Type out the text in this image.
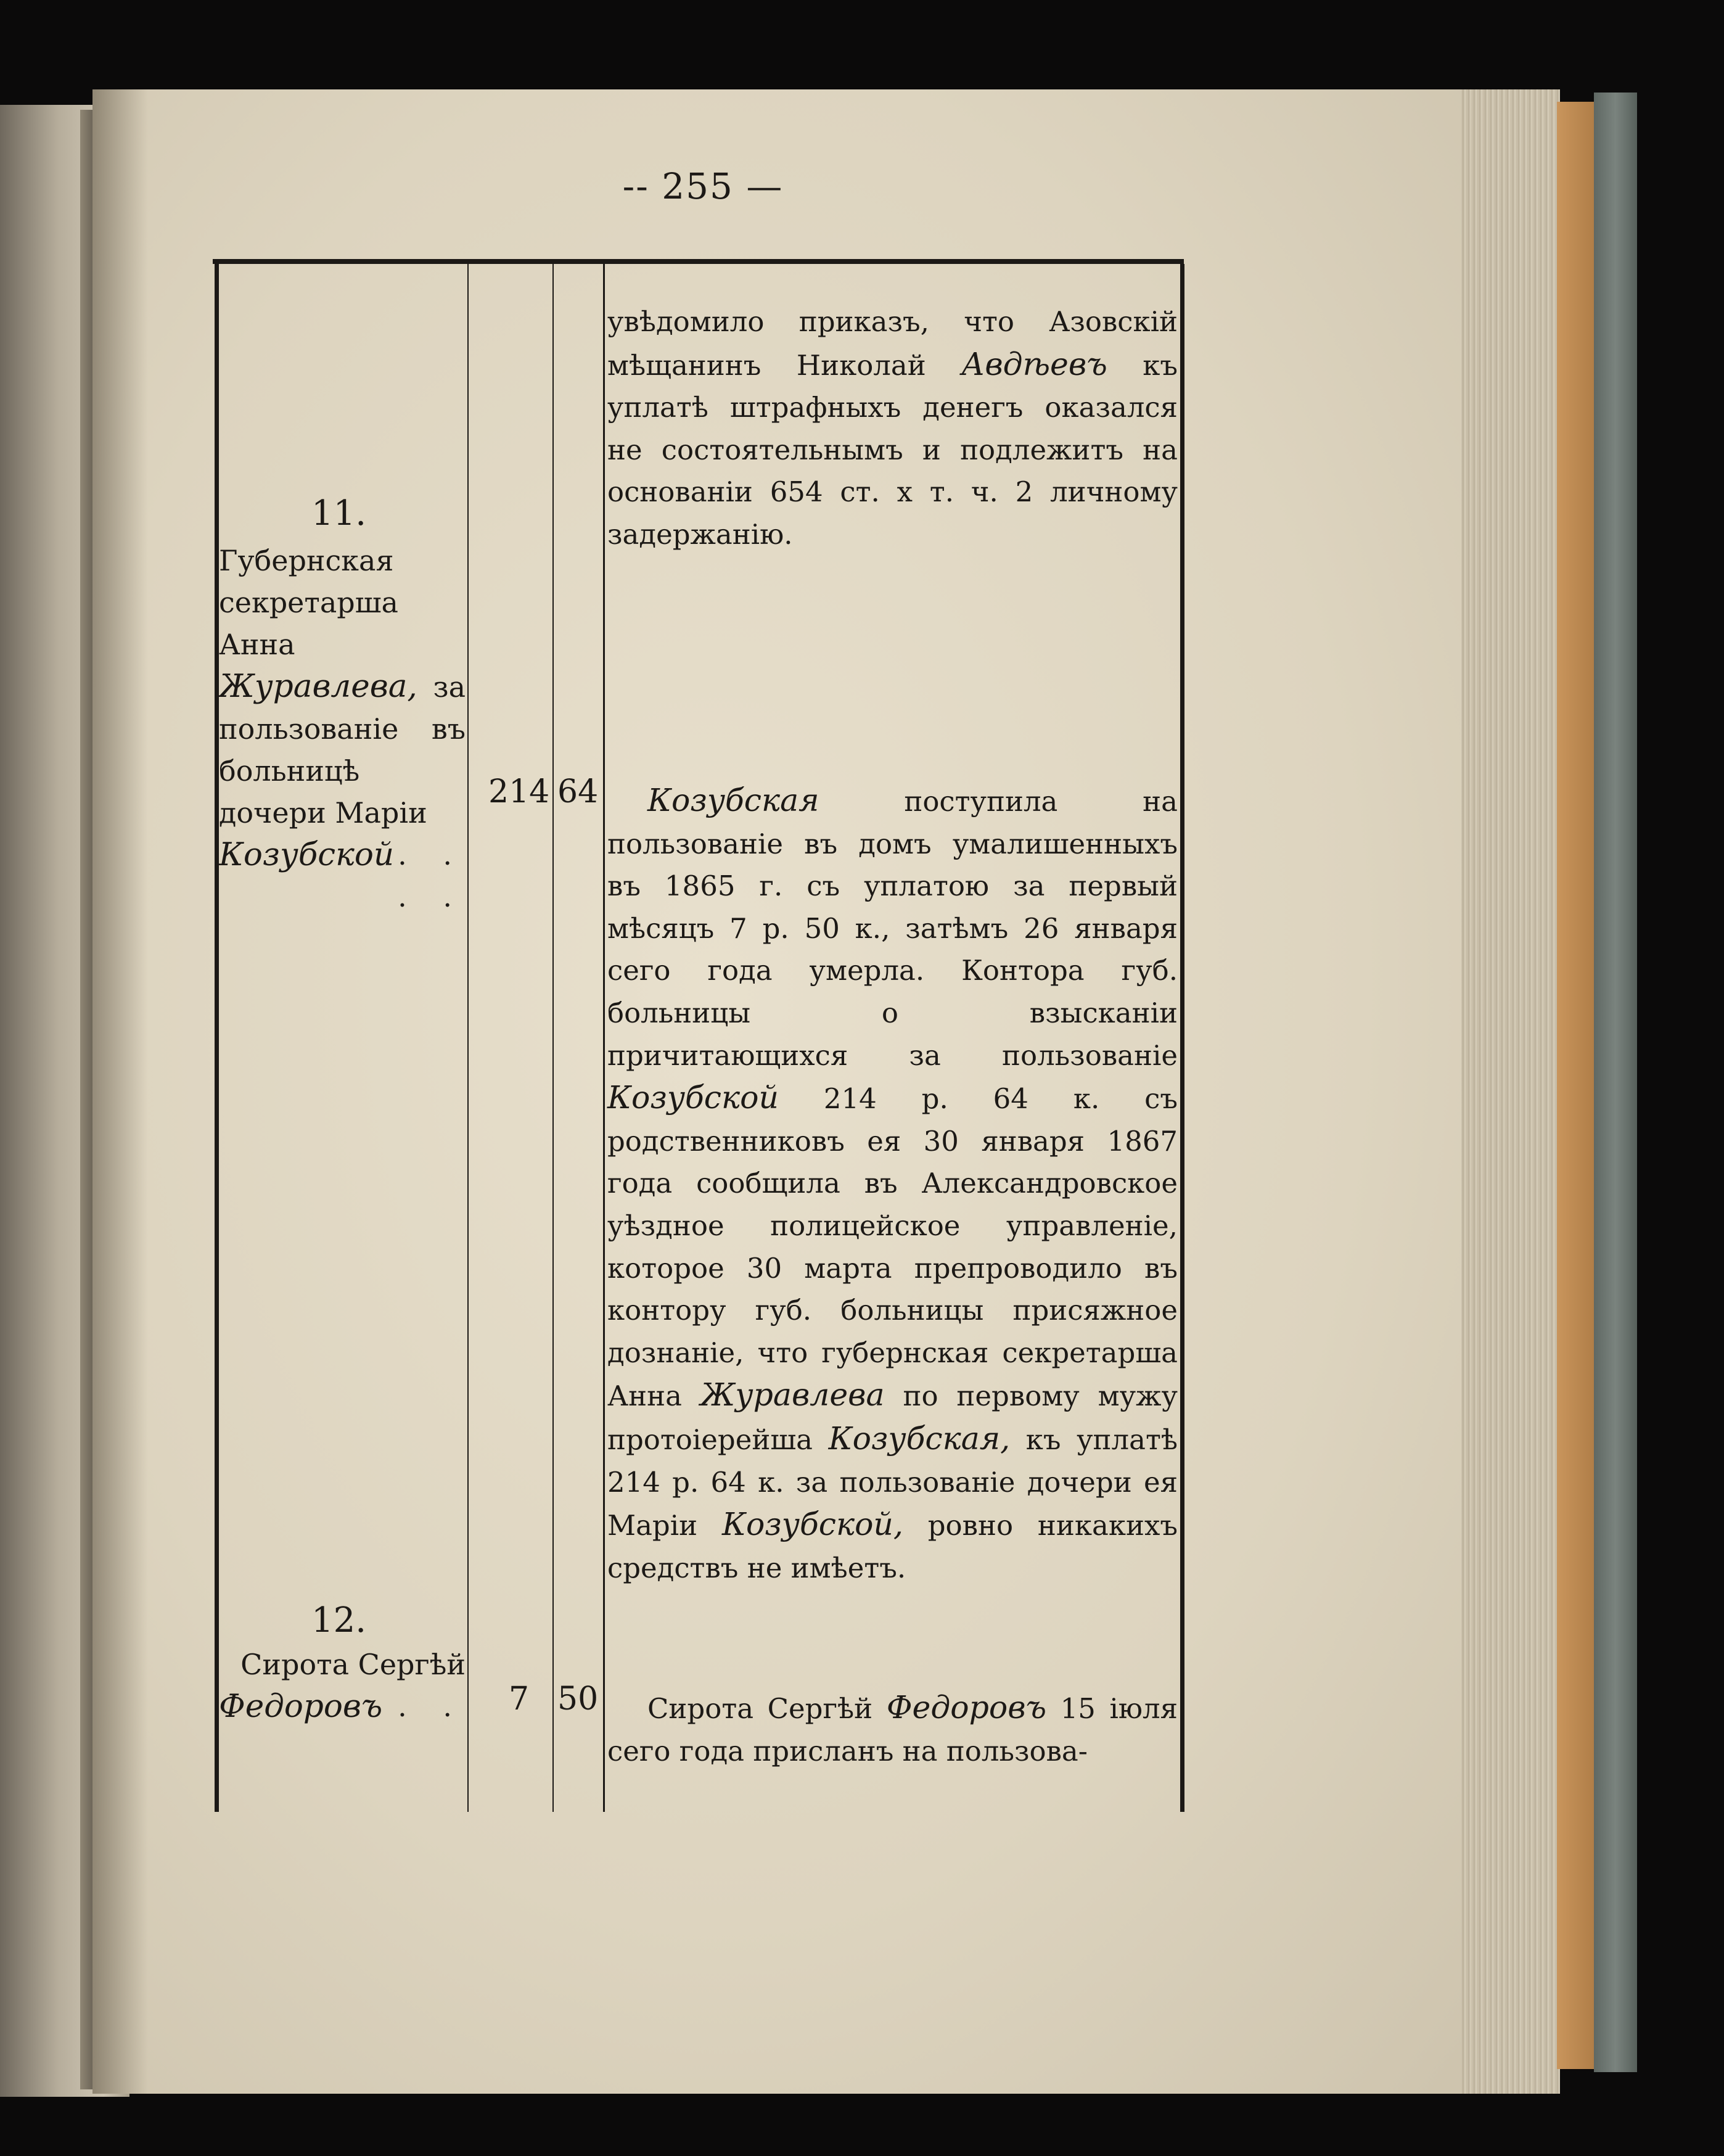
-- 255 —

увѣдомило приказъ, что Азовскій мѣщанинъ Николай Авдѣевъ къ уплатѣ штрафныхъ денегъ оказался не состоятельнымъ и подлежитъ на основаніи 654 ст. х т. ч. 2 личному задержанію.

11.

Губернская секретарша Анна Журавлева, за пользованіе въ больницѣ дочери Маріи

Козубской . . . .
214 64	Козубская поступила на пользованіе въ домъ умалишенныхъ въ 1865 г. съ уплатою за первый мѣсяцъ 7 р. 50 к., затѣмъ 26 января сего года умерла. Контора губ. больницы о взысканіи причитающихся за пользованіе Козубской 214 р. 64 к. съ родственниковъ ея 30 января 1867 года сообщила въ Александровское уѣздное полицейское управленіе, которое 30 марта препроводило въ контору губ. больницы присяжное дознаніе, что губернская секретарша Анна Журавлева по первому мужу протоіерейша Козубская, къ уплатѣ 214 р. 64 к. за пользованіе дочери ея Маріи Козубской, ровно никакихъ средствъ не имѣетъ.

12.

Сирота Сергѣй

Федоровъ . . 7 50	Сирота Сергѣй Федоровъ 15 іюля сего года присланъ на пользова-
